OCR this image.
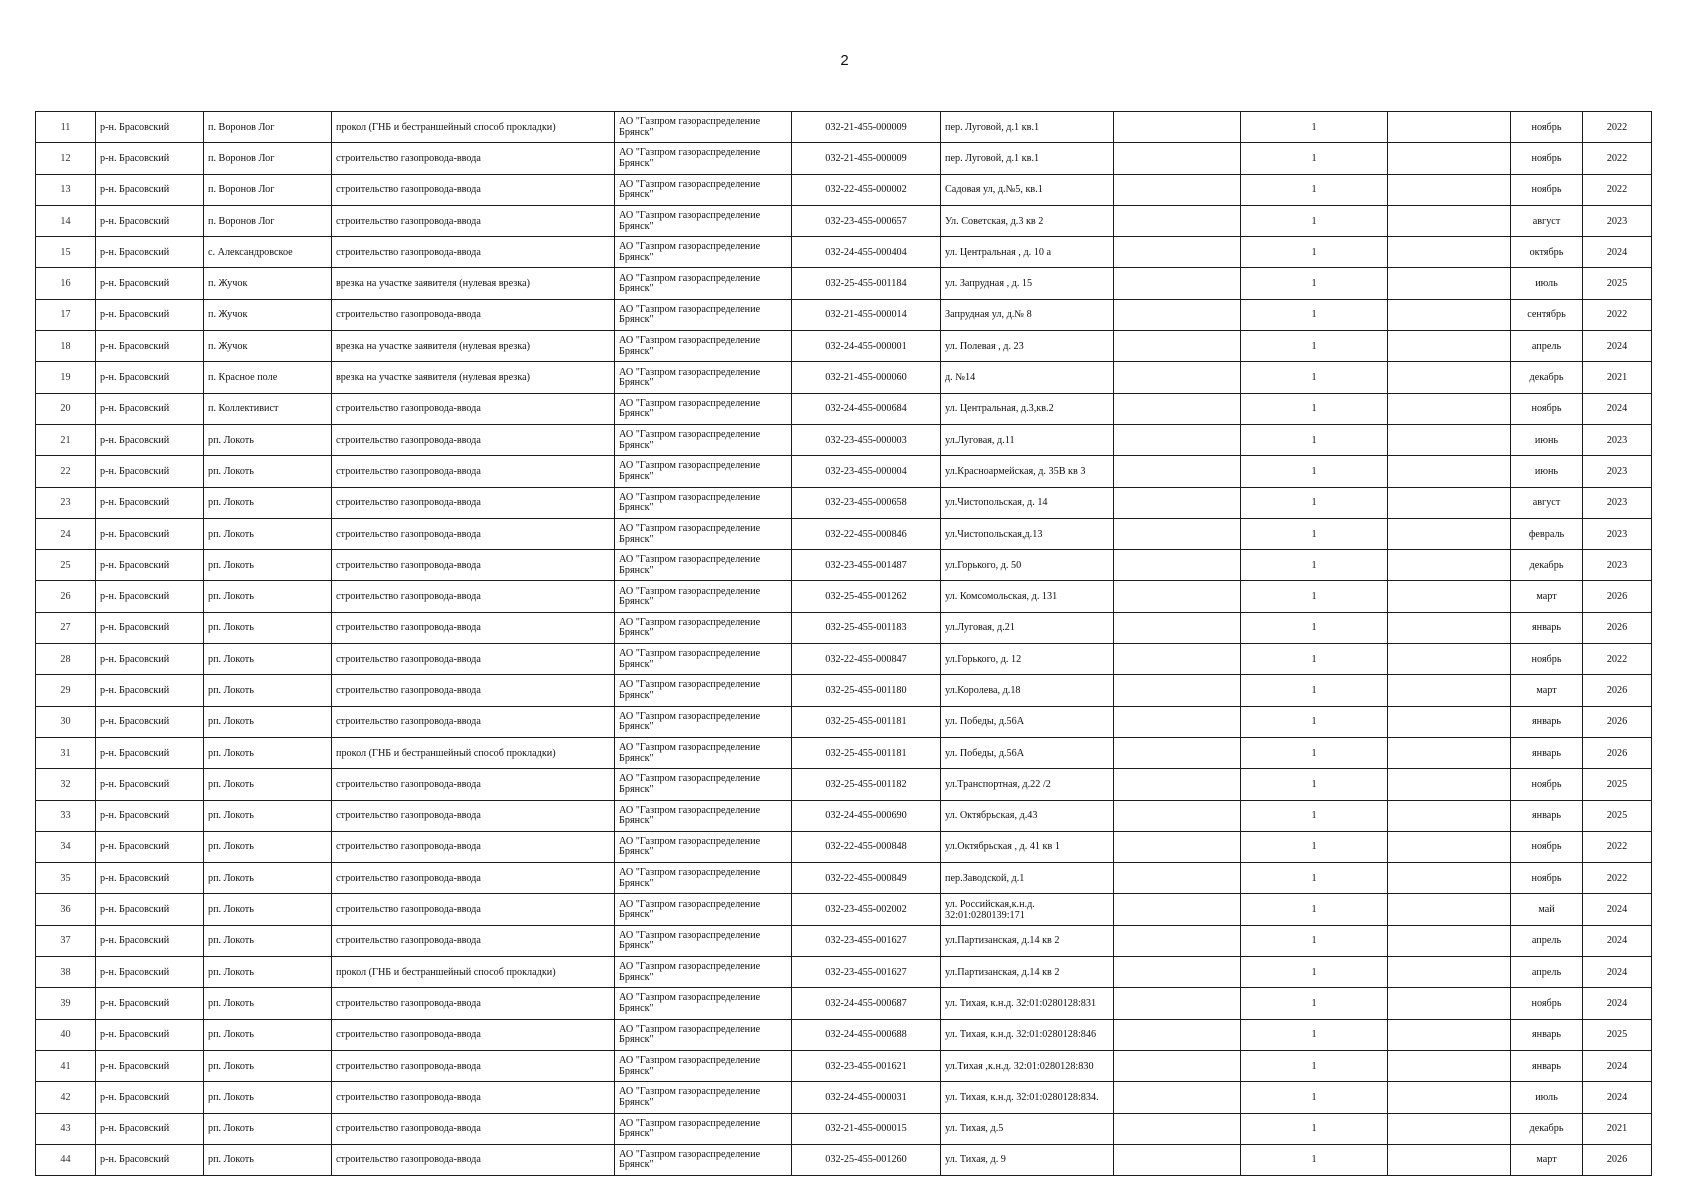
2
11	р-н. Брасовский	п. Воронов Лог	прокол (ГНБ и бестраншейный способ прокладки)	АО "Газпром газораспределение Брянск"	032-21-455-000009	пер. Луговой, д.1 кв.1		1		ноябрь	2022
12	р-н. Брасовский	п. Воронов Лог	строительство газопровода-ввода	АО "Газпром газораспределение Брянск"	032-21-455-000009	пер. Луговой, д.1 кв.1		1		ноябрь	2022
13	р-н. Брасовский	п. Воронов Лог	строительство газопровода-ввода	АО "Газпром газораспределение Брянск"	032-22-455-000002	Садовая ул, д.№5, кв.1		1		ноябрь	2022
14	р-н. Брасовский	п. Воронов Лог	строительство газопровода-ввода	АО "Газпром газораспределение Брянск"	032-23-455-000657	Ул. Советская, д.3 кв 2		1		август	2023
15	р-н. Брасовский	с. Александровское	строительство газопровода-ввода	АО "Газпром газораспределение Брянск"	032-24-455-000404	ул. Центральная , д. 10 а		1		октябрь	2024
16	р-н. Брасовский	п. Жучок	врезка на участке заявителя (нулевая врезка)	АО "Газпром газораспределение Брянск"	032-25-455-001184	ул. Запрудная , д. 15		1		июль	2025
17	р-н. Брасовский	п. Жучок	строительство газопровода-ввода	АО "Газпром газораспределение Брянск"	032-21-455-000014	Запрудная ул, д.№ 8		1		сентябрь	2022
18	р-н. Брасовский	п. Жучок	врезка на участке заявителя (нулевая врезка)	АО "Газпром газораспределение Брянск"	032-24-455-000001	ул. Полевая , д. 23		1		апрель	2024
19	р-н. Брасовский	п. Красное поле	врезка на участке заявителя (нулевая врезка)	АО "Газпром газораспределение Брянск"	032-21-455-000060	д. №14		1		декабрь	2021
20	р-н. Брасовский	п. Коллективист	строительство газопровода-ввода	АО "Газпром газораспределение Брянск"	032-24-455-000684	ул. Центральная, д.3,кв.2		1		ноябрь	2024
21	р-н. Брасовский	рп. Локоть	строительство газопровода-ввода	АО "Газпром газораспределение Брянск"	032-23-455-000003	ул.Луговая, д.11		1		июнь	2023
22	р-н. Брасовский	рп. Локоть	строительство газопровода-ввода	АО "Газпром газораспределение Брянск"	032-23-455-000004	ул.Красноармейская, д. 35В кв 3		1		июнь	2023
23	р-н. Брасовский	рп. Локоть	строительство газопровода-ввода	АО "Газпром газораспределение Брянск"	032-23-455-000658	ул.Чистопольская, д. 14		1		август	2023
24	р-н. Брасовский	рп. Локоть	строительство газопровода-ввода	АО "Газпром газораспределение Брянск"	032-22-455-000846	ул.Чистопольская,д.13		1		февраль	2023
25	р-н. Брасовский	рп. Локоть	строительство газопровода-ввода	АО "Газпром газораспределение Брянск"	032-23-455-001487	ул.Горького, д. 50		1		декабрь	2023
26	р-н. Брасовский	рп. Локоть	строительство газопровода-ввода	АО "Газпром газораспределение Брянск"	032-25-455-001262	ул. Комсомольская, д. 131		1		март	2026
27	р-н. Брасовский	рп. Локоть	строительство газопровода-ввода	АО "Газпром газораспределение Брянск"	032-25-455-001183	ул.Луговая, д.21		1		январь	2026
28	р-н. Брасовский	рп. Локоть	строительство газопровода-ввода	АО "Газпром газораспределение Брянск"	032-22-455-000847	ул.Горького, д. 12		1		ноябрь	2022
29	р-н. Брасовский	рп. Локоть	строительство газопровода-ввода	АО "Газпром газораспределение Брянск"	032-25-455-001180	ул.Королева, д.18		1		март	2026
30	р-н. Брасовский	рп. Локоть	строительство газопровода-ввода	АО "Газпром газораспределение Брянск"	032-25-455-001181	ул. Победы, д.56А		1		январь	2026
31	р-н. Брасовский	рп. Локоть	прокол (ГНБ и бестраншейный способ прокладки)	АО "Газпром газораспределение Брянск"	032-25-455-001181	ул. Победы, д.56А		1		январь	2026
32	р-н. Брасовский	рп. Локоть	строительство газопровода-ввода	АО "Газпром газораспределение Брянск"	032-25-455-001182	ул.Транспортная, д.22 /2		1		ноябрь	2025
33	р-н. Брасовский	рп. Локоть	строительство газопровода-ввода	АО "Газпром газораспределение Брянск"	032-24-455-000690	ул. Октябрьская, д.43		1		январь	2025
34	р-н. Брасовский	рп. Локоть	строительство газопровода-ввода	АО "Газпром газораспределение Брянск"	032-22-455-000848	ул.Октябрьская , д. 41 кв 1		1		ноябрь	2022
35	р-н. Брасовский	рп. Локоть	строительство газопровода-ввода	АО "Газпром газораспределение Брянск"	032-22-455-000849	пер.Заводской, д.1		1		ноябрь	2022
36	р-н. Брасовский	рп. Локоть	строительство газопровода-ввода	АО "Газпром газораспределение Брянск"	032-23-455-002002	ул. Российская,к.н.д. 32:01:0280139:171		1		май	2024
37	р-н. Брасовский	рп. Локоть	строительство газопровода-ввода	АО "Газпром газораспределение Брянск"	032-23-455-001627	ул.Партизанская, д.14 кв 2		1		апрель	2024
38	р-н. Брасовский	рп. Локоть	прокол (ГНБ и бестраншейный способ прокладки)	АО "Газпром газораспределение Брянск"	032-23-455-001627	ул.Партизанская, д.14 кв 2		1		апрель	2024
39	р-н. Брасовский	рп. Локоть	строительство газопровода-ввода	АО "Газпром газораспределение Брянск"	032-24-455-000687	ул. Тихая, к.н.д. 32:01:0280128:831		1		ноябрь	2024
40	р-н. Брасовский	рп. Локоть	строительство газопровода-ввода	АО "Газпром газораспределение Брянск"	032-24-455-000688	ул. Тихая, к.н.д. 32:01:0280128:846		1		январь	2025
41	р-н. Брасовский	рп. Локоть	строительство газопровода-ввода	АО "Газпром газораспределение Брянск"	032-23-455-001621	ул.Тихая ,к.н.д. 32:01:0280128:830		1		январь	2024
42	р-н. Брасовский	рп. Локоть	строительство газопровода-ввода	АО "Газпром газораспределение Брянск"	032-24-455-000031	ул. Тихая, к.н.д. 32:01:0280128:834.		1		июль	2024
43	р-н. Брасовский	рп. Локоть	строительство газопровода-ввода	АО "Газпром газораспределение Брянск"	032-21-455-000015	ул. Тихая, д.5		1		декабрь	2021
44	р-н. Брасовский	рп. Локоть	строительство газопровода-ввода	АО "Газпром газораспределение Брянск"	032-25-455-001260	ул. Тихая, д. 9		1		март	2026
